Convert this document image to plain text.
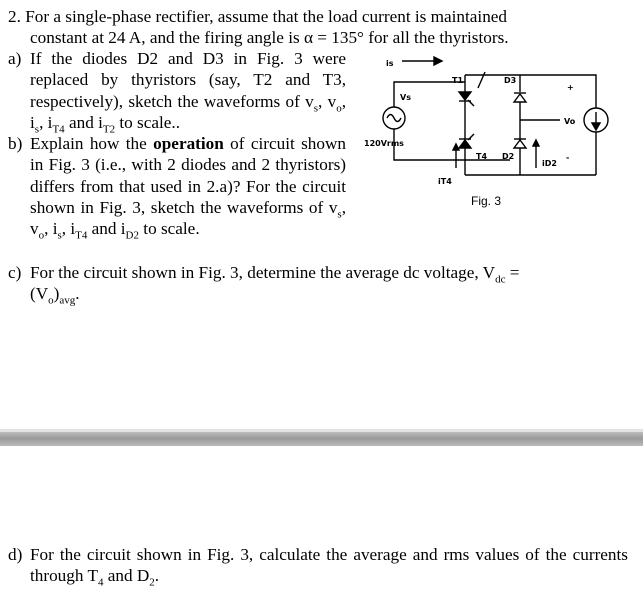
2. For a single-phase rectifier, assume that the load current is maintained
constant at 24 A, and the firing angle is α = 135° for all the thyristors.
a) If the diodes D2 and D3 in Fig. 3 were replaced by thyristors (say, T2 and T3, respectively), sketch the waveforms of $v_s$, $v_o$, $i_s$, $i_{T4}$ and $i_{T2}$ to scale..
b) Explain how the operation of circuit shown in Fig. 3 (i.e., with 2 diodes and 2 thyristors) differs from that used in 2.a)? For the circuit shown in Fig. 3, sketch the waveforms of $v_s$, $v_o$, $i_s$, $i_{T4}$ and $i_{D2}$ to scale.
c) For the circuit shown in Fig. 3, determine the average dc voltage, $V_{dc}$ =
$(V_o)_{avg}$.
d) For the circuit shown in Fig. 3, calculate the average and rms values of the currents through $T_4$ and $D_2$.
is
Vs
120Vrms
T1	D3
T4 D2
iT4
iD2
+
-
Vo
Fig. 3
